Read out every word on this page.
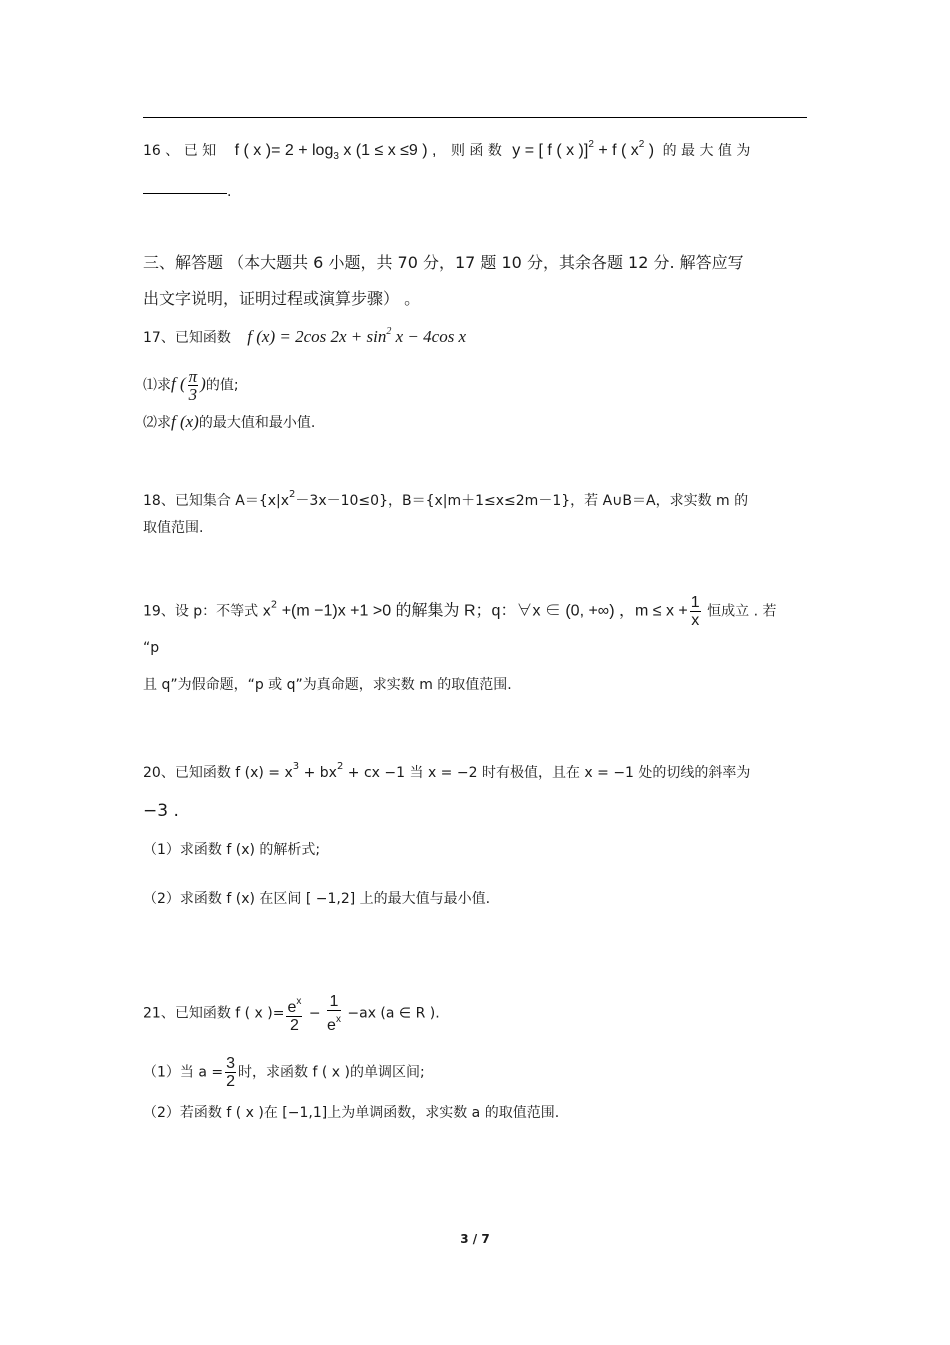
16 、 已 知 f ( x )= $2 + \log_3 x$ (1 ≤ x ≤9 ) , 则 函 数 y = [ f ( x )]$^2$ + f ( $x^2$ ) 的 最 大 值 为
.
三、解答题 （本大题共 6 小题，共 70 分，17 题 10 分，其余各题 12 分. 解答应写
出文字说明，证明过程或演算步骤） 。
17、已知函数 f (x) = 2cos $2x + \sin^2 x - 4\cos$ x
⑴求f ( $\frac{\pi}{3}$ )的值;
⑵求f (x)的最大值和最小值.
18、已知集合 $A=\{x|x^2-3x-10\le 0\}$，B＝{x|m＋1≤x≤2m－1}，若 A∪B＝A，求实数 m 的
取值范围.
19、设 p：不等式 $x^2 +(m -1)x +1 >0$ 的解集为 R；q：∀x ∈ (0, +∞) ，$m \le x + \frac{1}{x}$ 恒成立 . 若
“p
且 q”为假命题，“p 或 q”为真命题，求实数 m 的取值范围.
20、已知函数 f $(x) = x^3 + bx^2$ + cx −1 当 x = −2 时有极值，且在 x = −1 处的切线的斜率为
−3 .
（1）求函数 f (x) 的解析式;
（2）求函数 f (x) 在区间 [ −1,2] 上的最大值与最小值.
21、已知函数 f ( x )= $\frac{e^x}{2} - \frac{1}{e^x} -ax$ (a ∈ R ).
（1）当 $a = \frac{3}{2}$ 时，求函数 f ( x )的单调区间;
（2）若函数 f ( x )在 [−1,1]上为单调函数，求实数 a 的取值范围.
3 / 7
